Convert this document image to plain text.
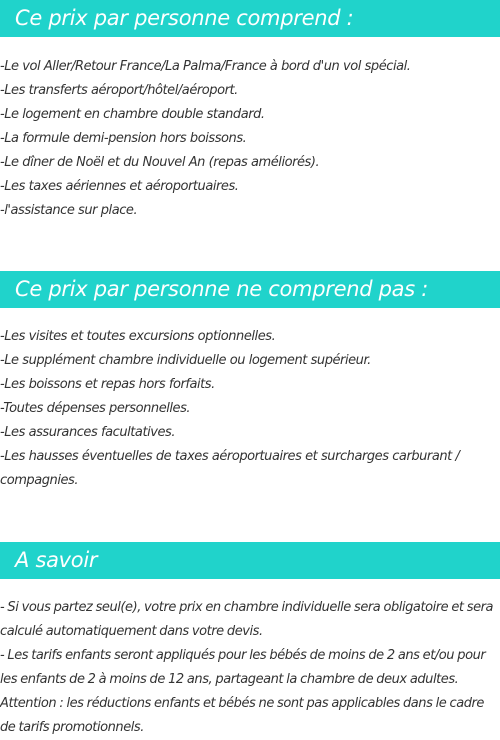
Ce prix par personne comprend :
-Le vol Aller/Retour France/La Palma/France à bord d'un vol spécial.
-Les transferts aéroport/hôtel/aéroport.
-Le logement en chambre double standard.
-La formule demi-pension hors boissons.
-Le dîner de Noël et du Nouvel An (repas améliorés).
-Les taxes aériennes et aéroportuaires.
-l'assistance sur place.
Ce prix par personne ne comprend pas :
-Les visites et toutes excursions optionnelles.
-Le supplément chambre individuelle ou logement supérieur.
-Les boissons et repas hors forfaits.
-Toutes dépenses personnelles.
-Les assurances facultatives.
-Les hausses éventuelles de taxes aéroportuaires et surcharges carburant / compagnies.
A savoir

- Si vous partez seul(e), votre prix en chambre individuelle sera obligatoire et sera calculé automatiquement dans votre devis.

- Les tarifs enfants seront appliqués pour les bébés de moins de 2 ans et/ou pour les enfants de 2 à moins de 12 ans, partageant la chambre de deux adultes.

Attention : les réductions enfants et bébés ne sont pas applicables dans le cadre de tarifs promotionnels.
